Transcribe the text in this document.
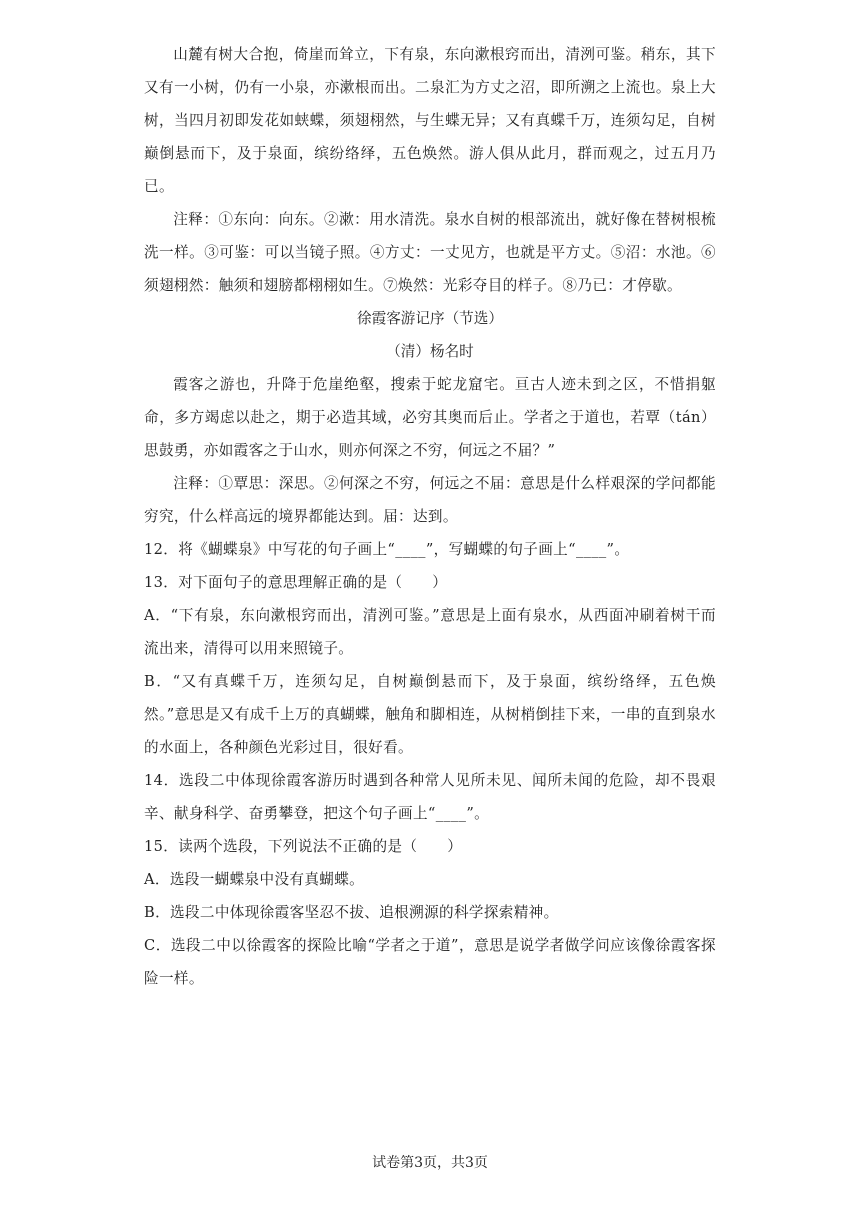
山麓有树大合抱，倚崖而耸立，下有泉，东向漱根窍而出，清洌可鉴。稍东，其下又有一小树，仍有一小泉，亦漱根而出。二泉汇为方丈之沼，即所溯之上流也。泉上大树，当四月初即发花如蛱蝶，须翅栩然，与生蝶无异；又有真蝶千万，连须勾足，自树巅倒悬而下，及于泉面，缤纷络绎，五色焕然。游人俱从此月，群而观之，过五月乃已。

注释：①东向：向东。②漱：用水清洗。泉水自树的根部流出，就好像在替树根梳洗一样。③可鉴：可以当镜子照。④方丈：一丈见方，也就是平方丈。⑤沼：水池。⑥须翅栩然：触须和翅膀都栩栩如生。⑦焕然：光彩夺目的样子。⑧乃已：才停歇。

徐霞客游记序（节选）

（清）杨名时

霞客之游也，升降于危崖绝壑，搜索于蛇龙窟宅。亘古人迹未到之区，不惜捐躯命，多方竭虑以赴之，期于必造其域，必穷其奥而后止。学者之于道也，若覃（tán）思鼓勇，亦如霞客之于山水，则亦何深之不穷，何远之不届？”

注释：①覃思：深思。②何深之不穷，何远之不届：意思是什么样艰深的学问都能穷究，什么样高远的境界都能达到。届：达到。

12．将《蝴蝶泉》中写花的句子画上“____”，写蝴蝶的句子画上“____”。

13．对下面句子的意思理解正确的是（　　）

A．“下有泉，东向漱根窍而出，清洌可鉴。”意思是上面有泉水，从西面冲刷着树干而流出来，清得可以用来照镜子。

B．“又有真蝶千万，连须勾足，自树巅倒悬而下，及于泉面，缤纷络绎，五色焕然。”意思是又有成千上万的真蝴蝶，触角和脚相连，从树梢倒挂下来，一串的直到泉水的水面上，各种颜色光彩过目，很好看。

14．选段二中体现徐霞客游历时遇到各种常人见所未见、闻所未闻的危险，却不畏艰辛、献身科学、奋勇攀登，把这个句子画上“____”。

15．读两个选段，下列说法不正确的是（　　）

A．选段一蝴蝶泉中没有真蝴蝶。

B．选段二中体现徐霞客坚忍不拔、追根溯源的科学探索精神。

C．选段二中以徐霞客的探险比喻“学者之于道”，意思是说学者做学问应该像徐霞客探险一样。

试卷第3页，共3页
